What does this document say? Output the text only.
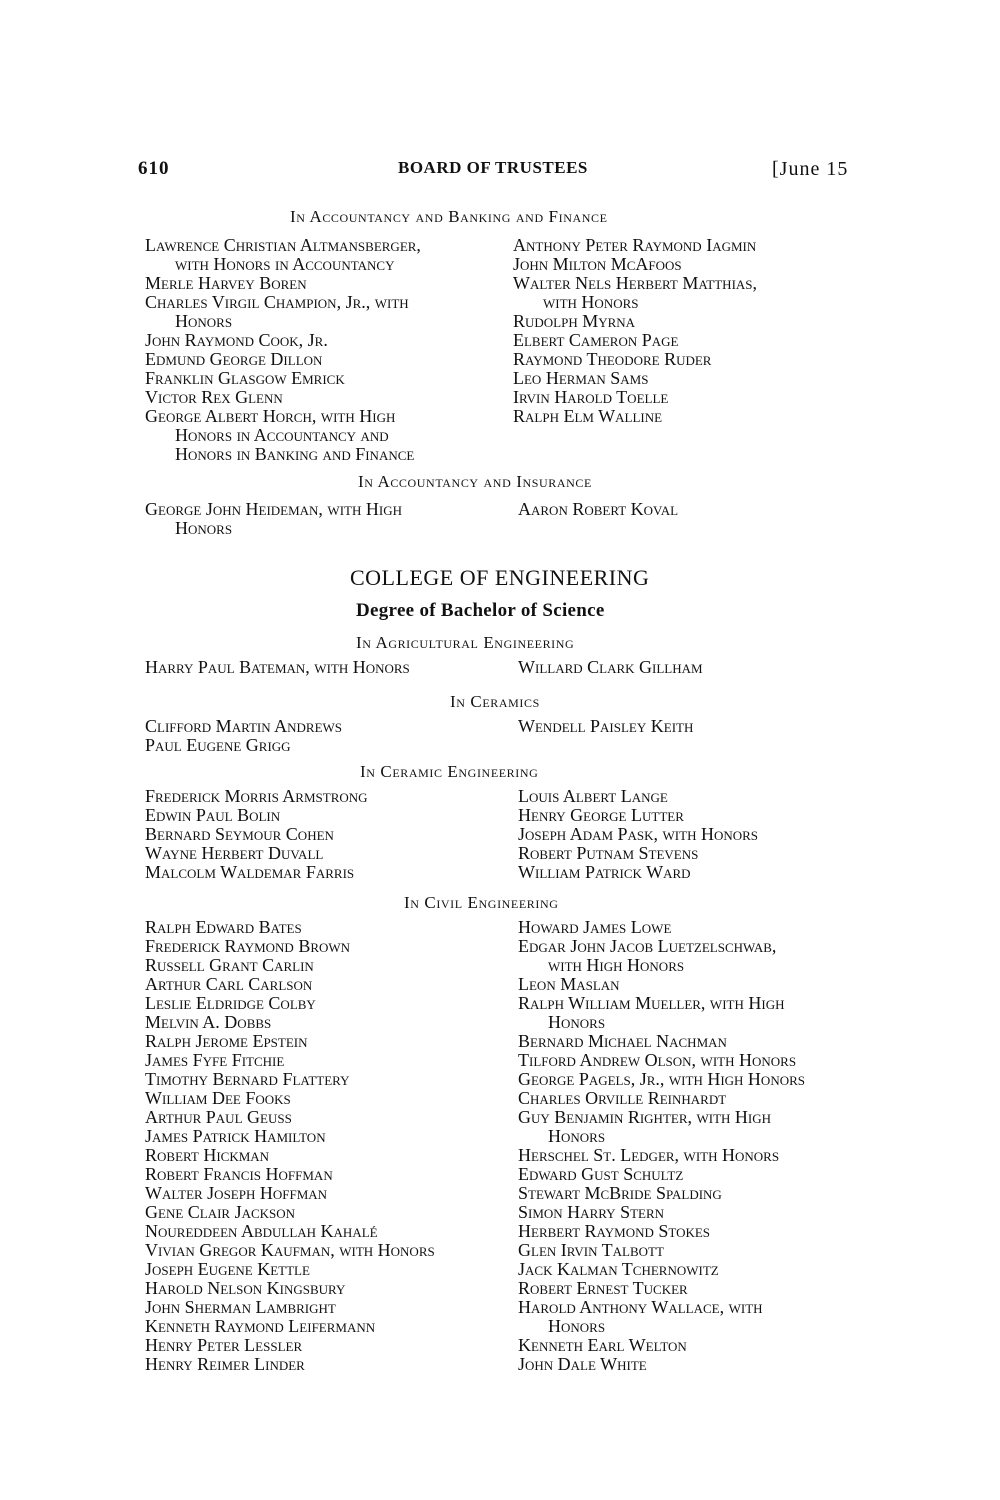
610	BOARD OF TRUSTEES	[June 15
In Accountancy and Banking and Finance
Lawrence Christian Altmansberger,
with Honors in Accountancy
Merle Harvey Boren
Charles Virgil Champion, Jr., with
Honors
John Raymond Cook, Jr.
Edmund George Dillon
Franklin Glasgow Emrick
Victor Rex Glenn
George Albert Horch, with High
Honors in Accountancy and
Honors in Banking and Finance
Anthony Peter Raymond Iagmin
John Milton McAfoos
Walter Nels Herbert Matthias,
with Honors
Rudolph Myrna
Elbert Cameron Page
Raymond Theodore Ruder
Leo Herman Sams
Irvin Harold Toelle
Ralph Elm Walline
In Accountancy and Insurance
George John Heideman, with High
Honors
Aaron Robert Koval
COLLEGE OF ENGINEERING
Degree of Bachelor of Science
In Agricultural Engineering
Harry Paul Bateman, with Honors	Willard Clark Gillham
In Ceramics
Clifford Martin Andrews
Paul Eugene Grigg
Wendell Paisley Keith
In Ceramic Engineering
Frederick Morris Armstrong
Edwin Paul Bolin
Bernard Seymour Cohen
Wayne Herbert Duvall
Malcolm Waldemar Farris
Louis Albert Lange
Henry George Lutter
Joseph Adam Pask, with Honors
Robert Putnam Stevens
William Patrick Ward
In Civil Engineering
Ralph Edward Bates
Frederick Raymond Brown
Russell Grant Carlin
Arthur Carl Carlson
Leslie Eldridge Colby
Melvin A. Dobbs
Ralph Jerome Epstein
James Fyfe Fitchie
Timothy Bernard Flattery
William Dee Fooks
Arthur Paul Geuss
James Patrick Hamilton
Robert Hickman
Robert Francis Hoffman
Walter Joseph Hoffman
Gene Clair Jackson
Noureddeen Abdullah Kahalé
Vivian Gregor Kaufman, with Honors
Joseph Eugene Kettle
Harold Nelson Kingsbury
John Sherman Lambright
Kenneth Raymond Leifermann
Henry Peter Lessler
Henry Reimer Linder
Howard James Lowe
Edgar John Jacob Luetzelschwab,
with High Honors
Leon Maslan
Ralph William Mueller, with High
Honors
Bernard Michael Nachman
Tilford Andrew Olson, with Honors
George Pagels, Jr., with High Honors
Charles Orville Reinhardt
Guy Benjamin Righter, with High
Honors
Herschel St. Ledger, with Honors
Edward Gust Schultz
Stewart McBride Spalding
Simon Harry Stern
Herbert Raymond Stokes
Glen Irvin Talbott
Jack Kalman Tchernowitz
Robert Ernest Tucker
Harold Anthony Wallace, with
Honors
Kenneth Earl Welton
John Dale White
